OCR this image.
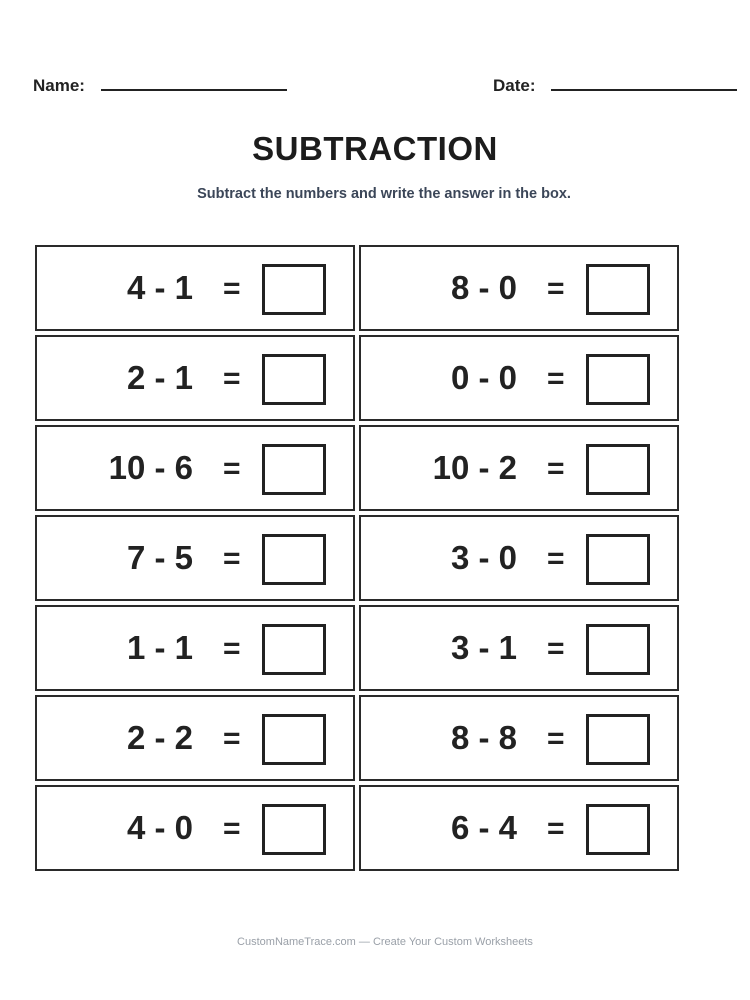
Name:	Date:
SUBTRACTION
Subtract the numbers and write the answer in the box.
4 - 1 =	8 - 0 =
2 - 1 =	0 - 0 =
10 - 6 =	10 - 2 =
7 - 5 =	3 - 0 =
1 - 1 =	3 - 1 =
2 - 2 =	8 - 8 =
4 - 0 =	6 - 4 =
CustomNameTrace.com — Create Your Custom Worksheets
